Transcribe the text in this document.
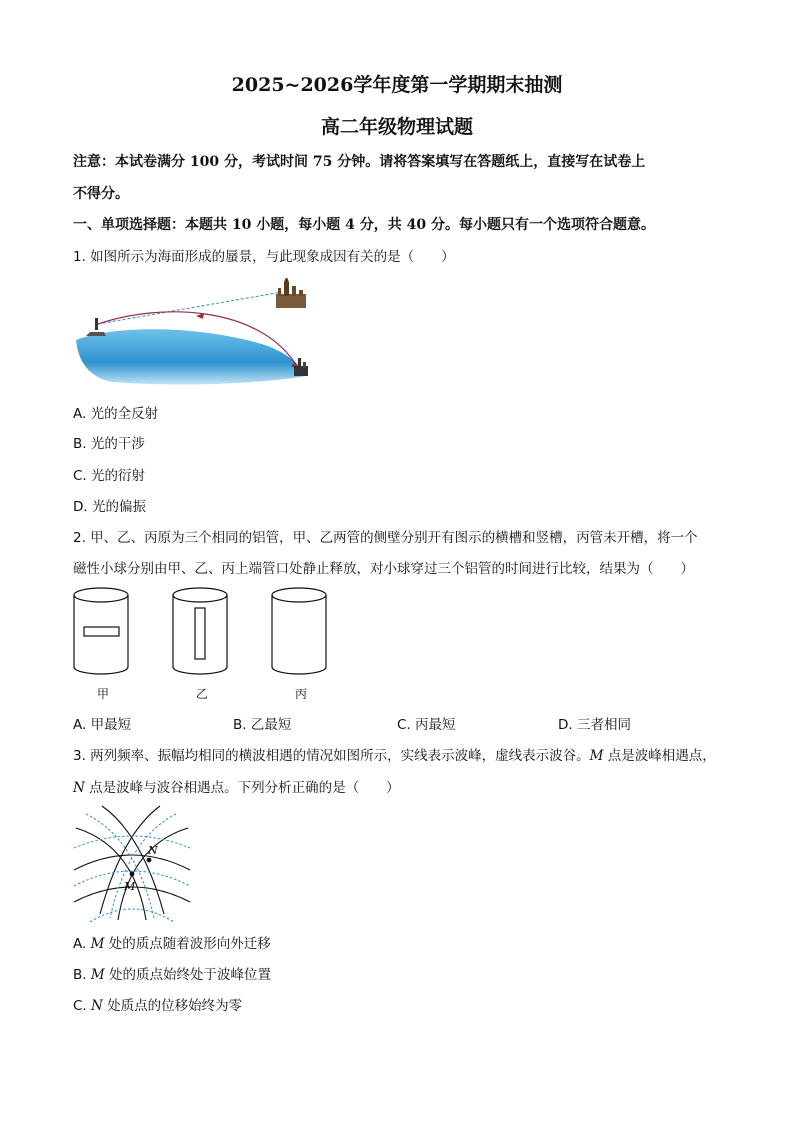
2025~2026学年度第一学期期末抽测
高二年级物理试题
注意：本试卷满分 100 分，考试时间 75 分钟。请将答案填写在答题纸上，直接写在试卷上
不得分。
一、单项选择题：本题共 10 小题，每小题 4 分，共 40 分。每小题只有一个选项符合题意。
1. 如图所示为海面形成的蜃景，与此现象成因有关的是（　　）
A. 光的全反射
B. 光的干涉
C. 光的衍射
D. 光的偏振
2. 甲、乙、丙原为三个相同的铝管，甲、乙两管的侧壁分别开有图示的横槽和竖槽，丙管未开槽，将一个
磁性小球分别由甲、乙、丙上端管口处静止释放，对小球穿过三个铝管的时间进行比较，结果为（　　）
甲	乙	丙
A. 甲最短	B. 乙最短	C. 丙最短	D. 三者相同
3. 两列频率、振幅均相同的横波相遇的情况如图所示，实线表示波峰，虚线表示波谷。M 点是波峰相遇点，
N 点是波峰与波谷相遇点。下列分析正确的是（　　）
N
M
A. M 处的质点随着波形向外迁移
B. M 处的质点始终处于波峰位置
C. N 处质点的位移始终为零
